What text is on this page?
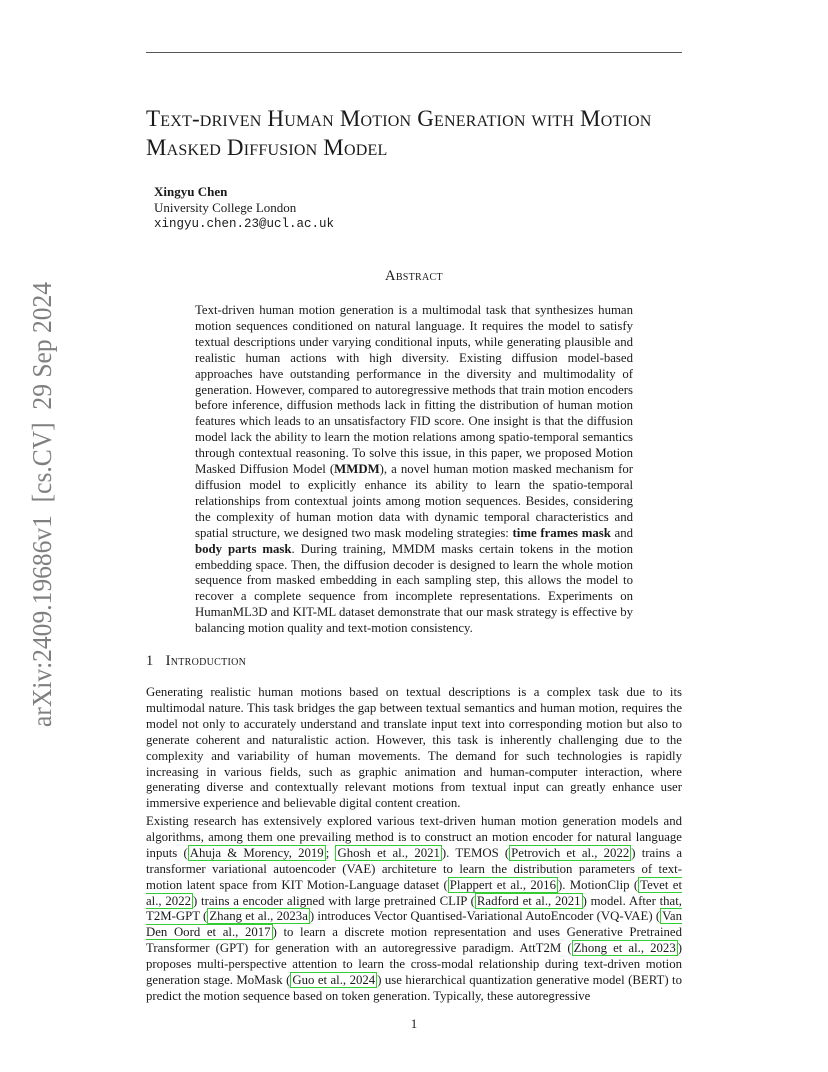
arXiv:2409.19686v1  [cs.CV]  29 Sep 2024
Text-driven Human Motion Generation with Motion Masked Diffusion Model
Xingyu Chen
University College London
xingyu.chen.23@ucl.ac.uk
Abstract

Text-driven human motion generation is a multimodal task that synthesizes human motion sequences conditioned on natural language. It requires the model to satisfy textual descriptions under varying conditional inputs, while generating plausible and realistic human actions with high diversity. Existing diffusion model-based approaches have outstanding performance in the diversity and multimodality of generation. However, compared to autoregressive methods that train motion encoders before inference, diffusion methods lack in fitting the distribution of human motion features which leads to an unsatisfactory FID score. One insight is that the diffusion model lack the ability to learn the motion relations among spatio-temporal semantics through contextual reasoning. To solve this issue, in this paper, we proposed Motion Masked Diffusion Model (MMDM), a novel human motion masked mechanism for diffusion model to explicitly enhance its ability to learn the spatio-temporal relationships from contextual joints among motion sequences. Besides, considering the complexity of human motion data with dynamic temporal characteristics and spatial structure, we designed two mask modeling strategies: time frames mask and body parts mask. During training, MMDM masks certain tokens in the motion embedding space. Then, the diffusion decoder is designed to learn the whole motion sequence from masked embedding in each sampling step, this allows the model to recover a complete sequence from incomplete representations. Experiments on HumanML3D and KIT-ML dataset demonstrate that our mask strategy is effective by balancing motion quality and text-motion consistency.

1 Introduction

Generating realistic human motions based on textual descriptions is a complex task due to its multimodal nature. This task bridges the gap between textual semantics and human motion, requires the model not only to accurately understand and translate input text into corresponding motion but also to generate coherent and naturalistic action. However, this task is inherently challenging due to the complexity and variability of human movements. The demand for such technologies is rapidly increasing in various fields, such as graphic animation and human-computer interaction, where generating diverse and contextually relevant motions from textual input can greatly enhance user immersive experience and believable digital content creation.

Existing research has extensively explored various text-driven human motion generation models and algorithms, among them one prevailing method is to construct an motion encoder for natural language inputs ( Ahuja & Morency, 2019 ; Ghosh et al., 2021 ). TEMOS ( Petrovich et al., 2022 ) trains a transformer variational autoencoder (VAE) architeture to learn the distribution parameters of text-motion latent space from KIT Motion-Language dataset ( Plappert et al., 2016 ). MotionClip ( Tevet et al., 2022 ) trains a encoder aligned with large pretrained CLIP ( Radford et al., 2021 ) model. After that, T2M-GPT ( Zhang et al., 2023a ) introduces Vector Quantised-Variational AutoEncoder (VQ-VAE) ( Van Den Oord et al., 2017 ) to learn a discrete motion representation and uses Generative Pretrained Transformer (GPT) for generation with an autoregressive paradigm. AttT2M ( Zhong et al., 2023 ) proposes multi-perspective attention to learn the cross-modal relationship during text-driven motion generation stage. MoMask ( Guo et al., 2024 ) use hierarchical quantization generative model (BERT) to predict the motion sequence based on token generation. Typically, these autoregressive

1
